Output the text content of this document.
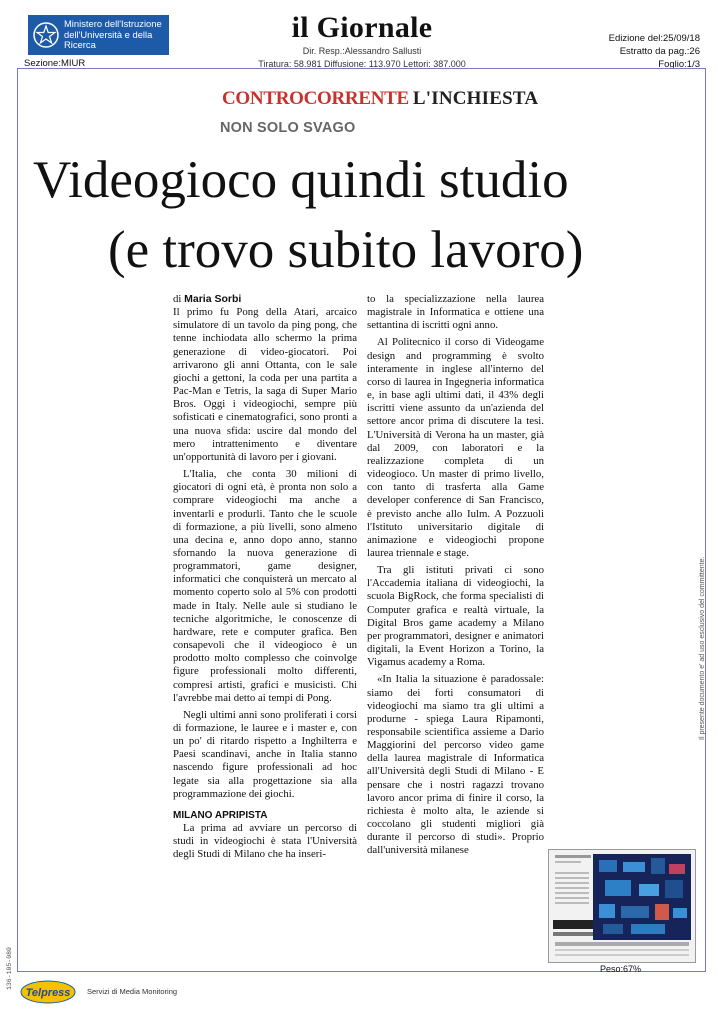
Ministero dell'Istruzione
dell'Università e della
Ricerca
Sezione:MIUR
il Giornale
Dir. Resp.:Alessandro Sallusti
Tiratura: 58.981 Diffusione: 113.970 Lettori: 387.000
Edizione del:25/09/18
Estratto da pag.:26
Foglio:1/3
CONTROCORRENTE L'INCHIESTA
NON SOLO SVAGO
Videogioco quindi studio
(e trovo subito lavoro)

di Maria Sorbi

Il primo fu Pong della Atari, arcaico simulatore di un tavolo da ping pong, che tenne inchiodata allo schermo la prima generazione di video-giocatori. Poi arrivarono gli anni Ottanta, con le sale giochi a gettoni, la coda per una partita a Pac-Man e Tetris, la saga di Super Mario Bros. Oggi i videogiochi, sempre più sofisticati e cinematografici, sono pronti a una nuova sfida: uscire dal mondo del mero intrattenimento e diventare un'opportunità di lavoro per i giovani.

L'Italia, che conta 30 milioni di giocatori di ogni età, è pronta non solo a comprare videogiochi ma anche a inventarli e produrli. Tanto che le scuole di formazione, a più livelli, sono almeno una decina e, anno dopo anno, stanno sfornando la nuova generazione di programmatori, game designer, informatici che conquisterà un mercato al momento coperto solo al 5% con prodotti made in Italy. Nelle aule si studiano le tecniche algoritmiche, le conoscenze di hardware, rete e computer grafica. Ben consapevoli che il videogioco è un prodotto molto complesso che coinvolge figure professionali molto differenti, compresi artisti, grafici e musicisti. Chi l'avrebbe mai detto ai tempi di Pong.

Negli ultimi anni sono proliferati i corsi di formazione, le lauree e i master e, con un po' di ritardo rispetto a Inghilterra e Paesi scandinavi, anche in Italia stanno nascendo figure professionali ad hoc legate sia alla progettazione sia alla programmazione dei giochi.

MILANO APRIPISTA

La prima ad avviare un percorso di studi in videogiochi è stata l'Università degli Studi di Milano che ha inseri-

to la specializzazione nella laurea magistrale in Informatica e ottiene una settantina di iscritti ogni anno.

Al Politecnico il corso di Videogame design and programming è svolto interamente in inglese all'interno del corso di laurea in Ingegneria informatica e, in base agli ultimi dati, il 43% degli iscritti viene assunto da un'azienda del settore ancor prima di discutere la tesi. L'Università di Verona ha un master, già dal 2009, con laboratori e la realizzazione completa di un videogioco. Un master di primo livello, con tanto di trasferta alla Game developer conference di San Francisco, è previsto anche allo Iulm. A Pozzuoli l'Istituto universitario digitale di animazione e videogiochi propone laurea triennale e stage.

Tra gli istituti privati ci sono l'Accademia italiana di videogiochi, la scuola BigRock, che forma specialisti di Computer grafica e realtà virtuale, la Digital Bros game academy a Milano per programmatori, designer e animatori digitali, la Event Horizon a Torino, la Vigamus academy a Roma.

«In Italia la situazione è paradossale: siamo dei forti consumatori di videogiochi ma siamo tra gli ultimi a produrne - spiega Laura Ripamonti, responsabile scientifica assieme a Dario Maggiorini del percorso video game della laurea magistrale di Informatica all'Università degli Studi di Milano - E pensare che i nostri ragazzi trovano lavoro ancor prima di finire il corso, la richiesta è molto alta, le aziende si coccolano gli studenti migliori già durante il percorso di studi». Proprio dall'università milanese

Peso:67%
Il presente documento e' ad uso esclusivo del committente.
136-105-080
Telpress Servizi di Media Monitoring
